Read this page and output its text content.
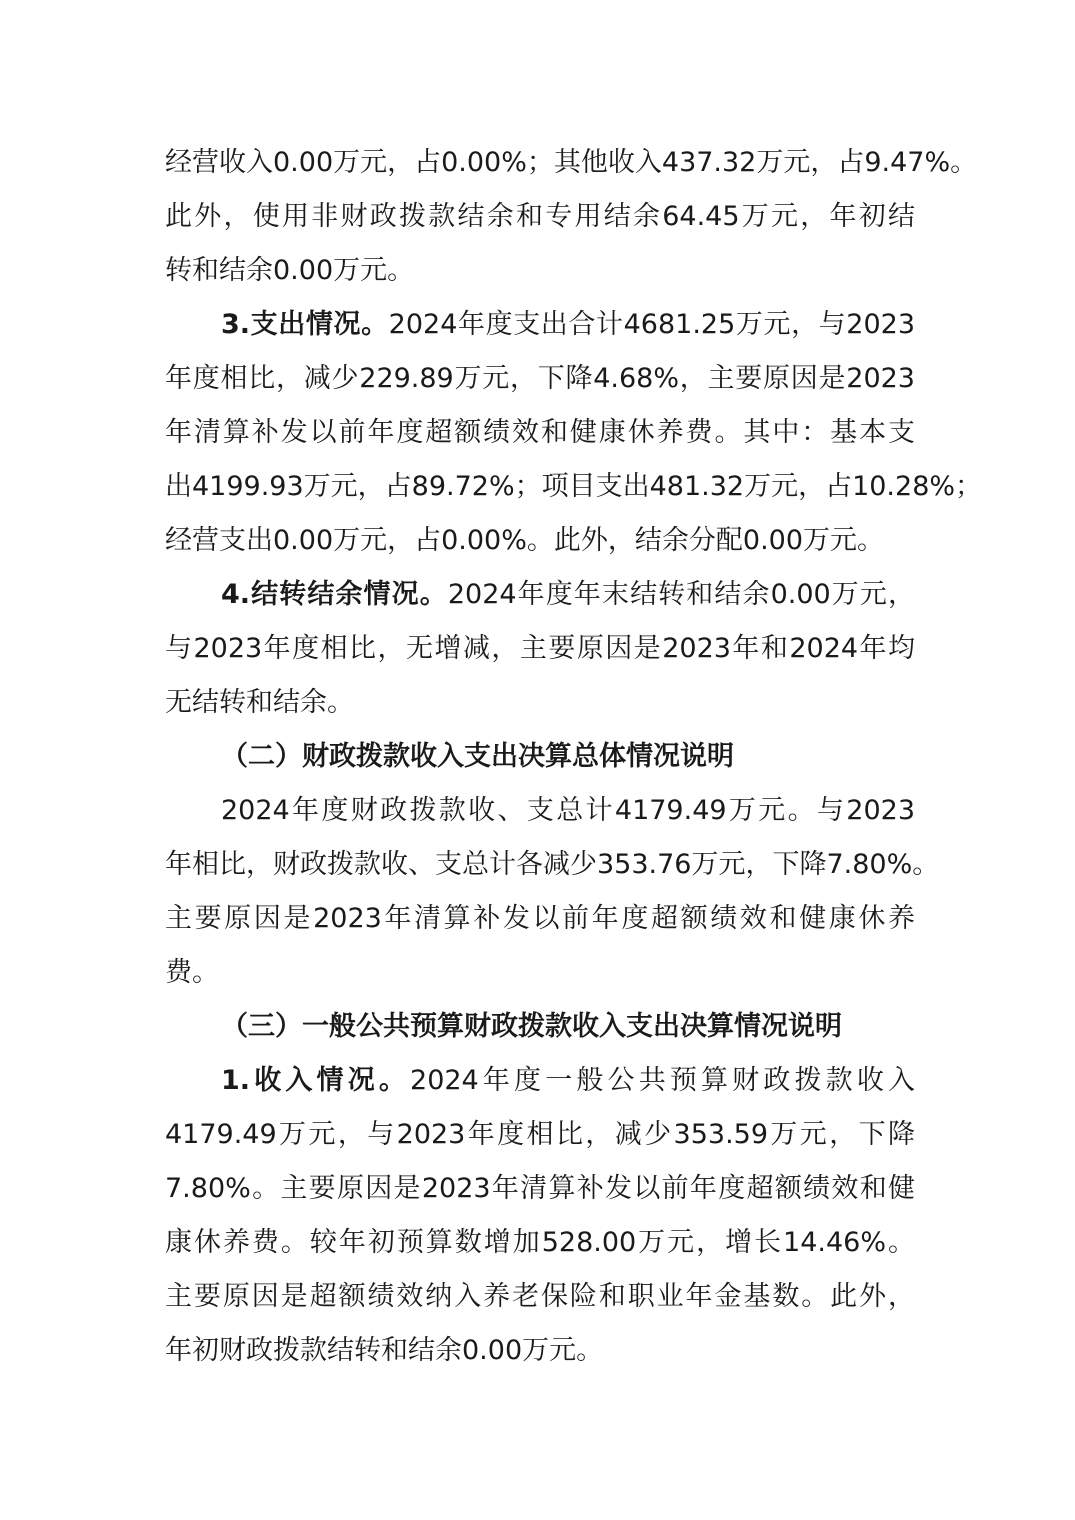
经营收入0.00万元，占0.00%；其他收入437.32万元，占9.47%。
此外，使用非财政拨款结余和专用结余64.45万元，年初结
转和结余0.00万元。
3.支出情况。2024年度支出合计4681.25万元，与2023
年度相比，减少229.89万元，下降4.68%，主要原因是2023
年清算补发以前年度超额绩效和健康休养费。其中：基本支
出4199.93万元，占89.72%；项目支出481.32万元，占10.28%；
经营支出0.00万元，占0.00%。此外，结余分配0.00万元。
4.结转结余情况。2024年度年末结转和结余0.00万元，
与2023年度相比，无增减，主要原因是2023年和2024年均
无结转和结余。
（二）财政拨款收入支出决算总体情况说明
2024年度财政拨款收、支总计4179.49万元。与2023
年相比，财政拨款收、支总计各减少353.76万元，下降7.80%。
主要原因是2023年清算补发以前年度超额绩效和健康休养
费。
（三）一般公共预算财政拨款收入支出决算情况说明
1.收入情况。2024年度一般公共预算财政拨款收入
4179.49万元，与2023年度相比，减少353.59万元，下降
7.80%。主要原因是2023年清算补发以前年度超额绩效和健
康休养费。较年初预算数增加528.00万元，增长14.46%。
主要原因是超额绩效纳入养老保险和职业年金基数。此外，
年初财政拨款结转和结余0.00万元。
